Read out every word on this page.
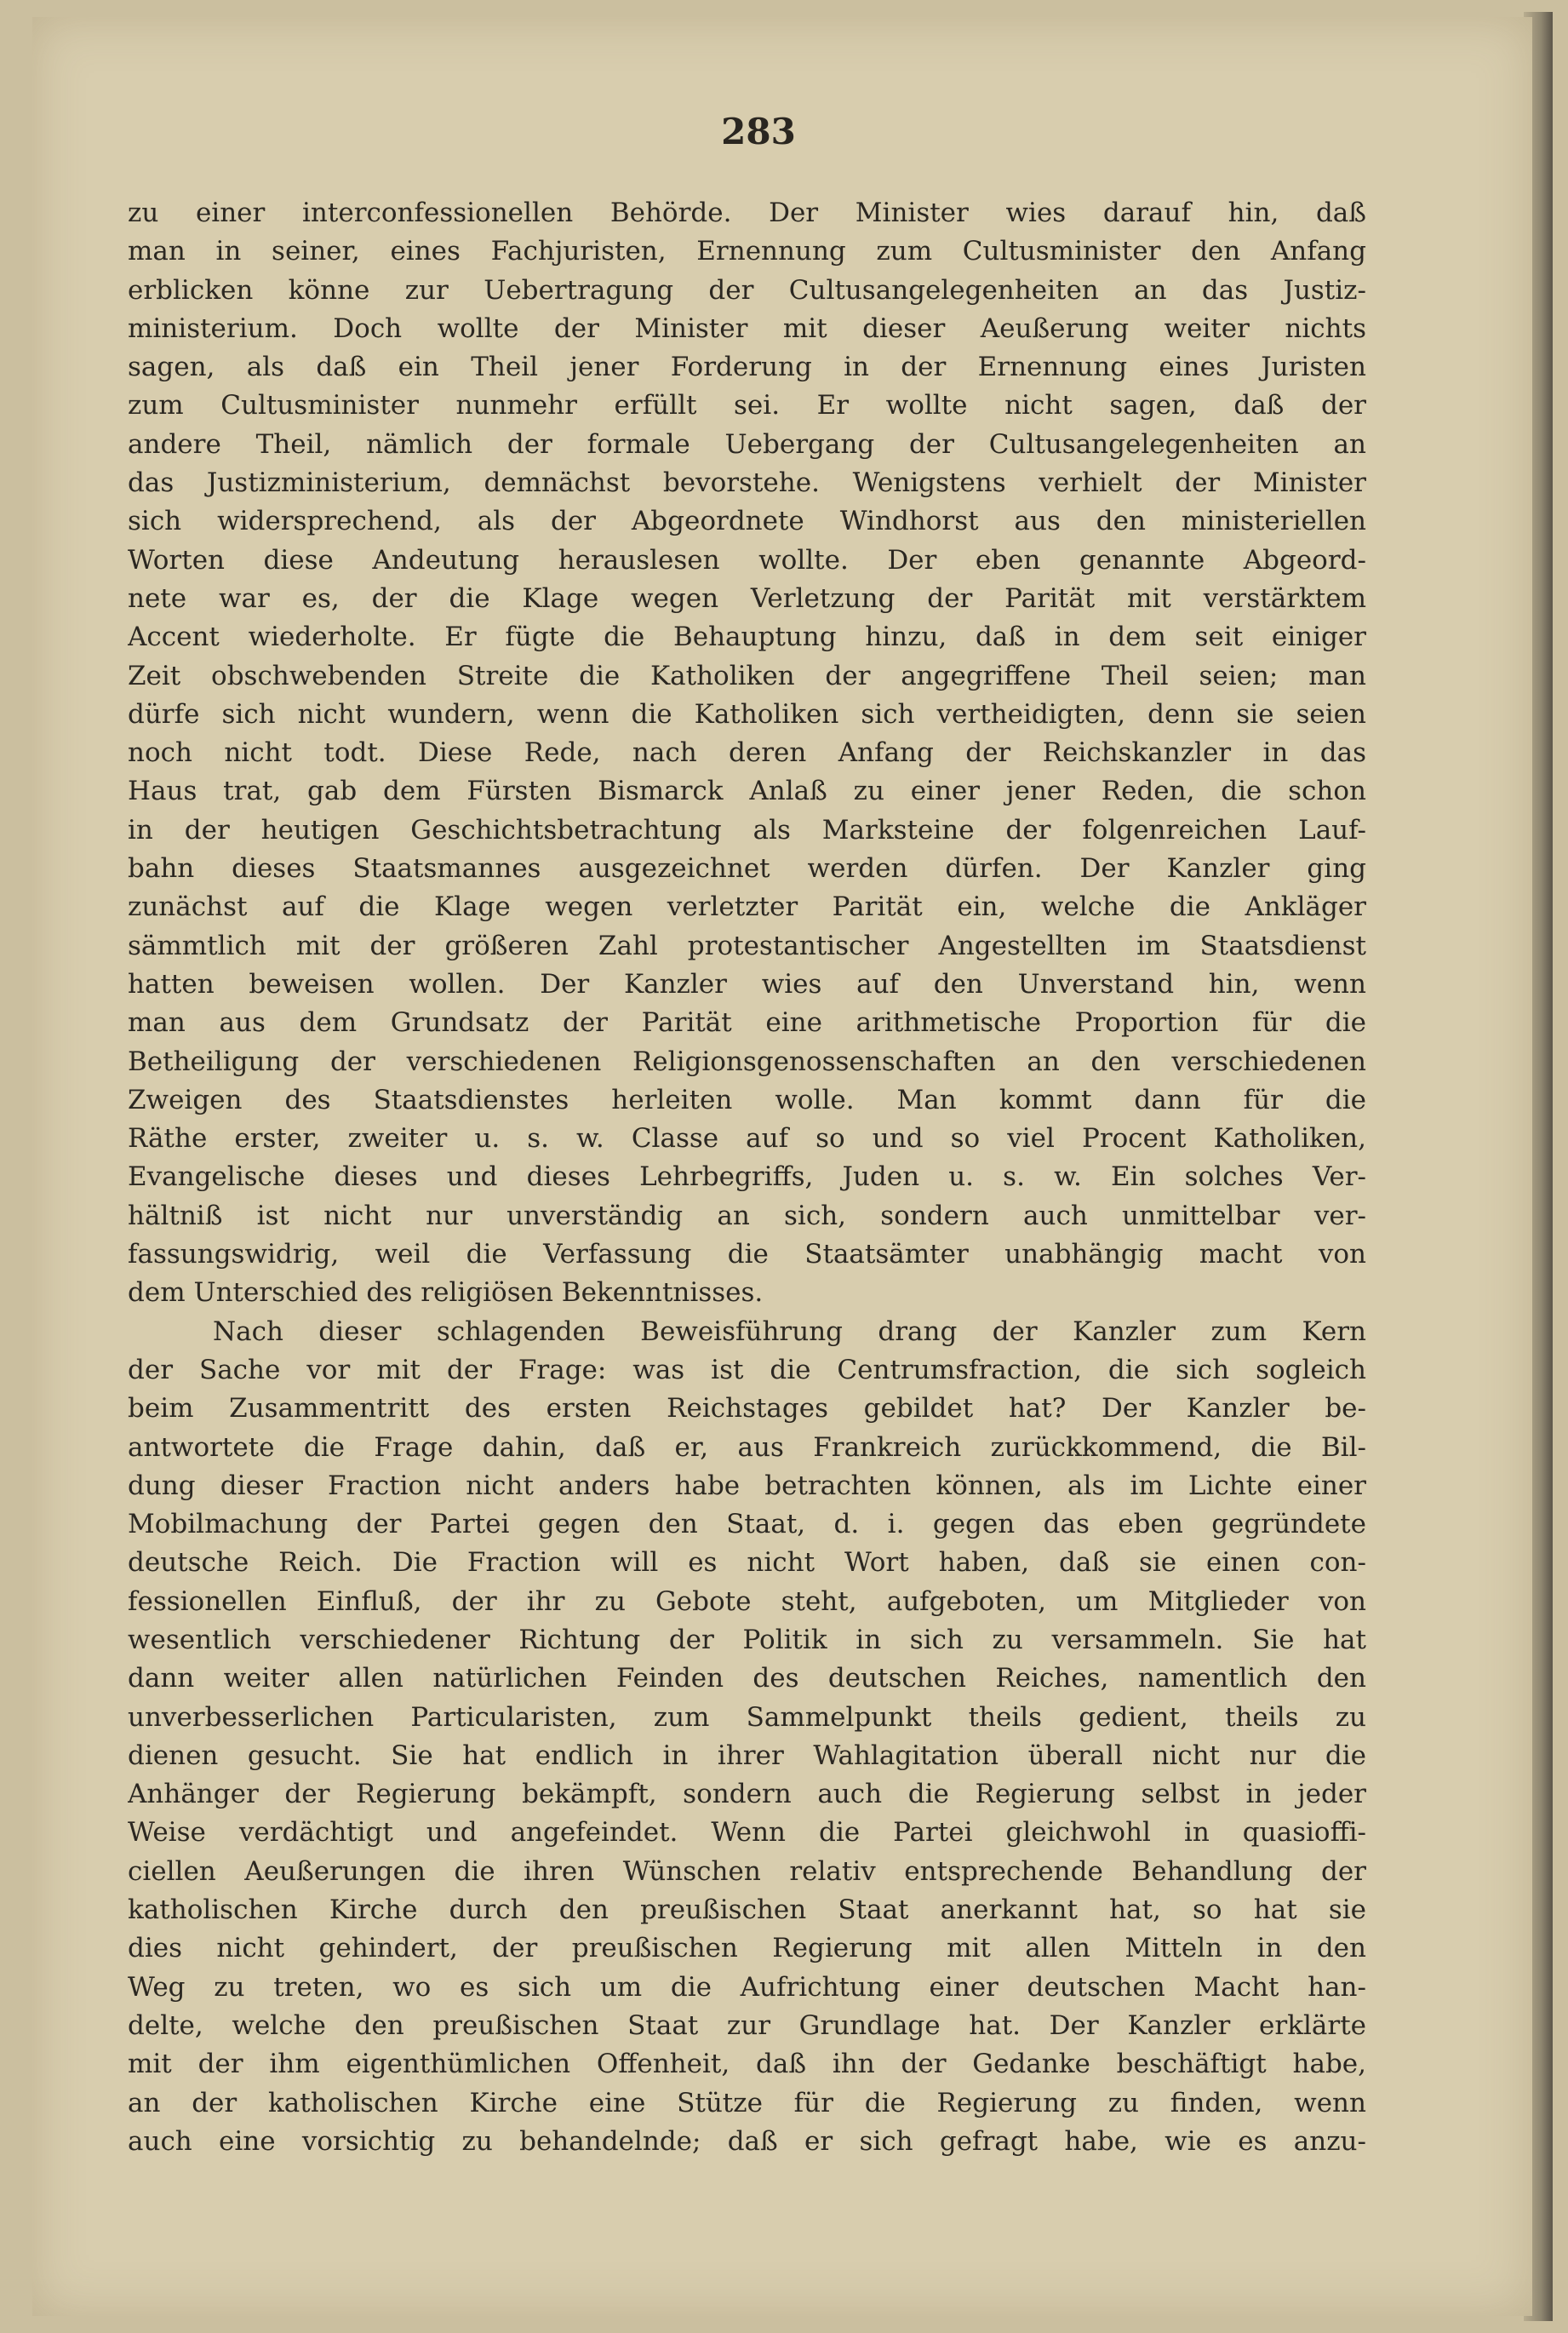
283
zu einer interconfessionellen Behörde. Der Minister wies darauf hin, daß
man in seiner, eines Fachjuristen, Ernennung zum Cultusminister den Anfang
erblicken könne zur Uebertragung der Cultusangelegenheiten an das Justiz-
ministerium. Doch wollte der Minister mit dieser Aeußerung weiter nichts
sagen, als daß ein Theil jener Forderung in der Ernennung eines Juristen
zum Cultusminister nunmehr erfüllt sei. Er wollte nicht sagen, daß der
andere Theil, nämlich der formale Uebergang der Cultusangelegenheiten an
das Justizministerium, demnächst bevorstehe. Wenigstens verhielt der Minister
sich widersprechend, als der Abgeordnete Windhorst aus den ministeriellen
Worten diese Andeutung herauslesen wollte. Der eben genannte Abgeord-
nete war es, der die Klage wegen Verletzung der Parität mit verstärktem
Accent wiederholte. Er fügte die Behauptung hinzu, daß in dem seit einiger
Zeit obschwebenden Streite die Katholiken der angegriffene Theil seien; man
dürfe sich nicht wundern, wenn die Katholiken sich vertheidigten, denn sie seien
noch nicht todt. Diese Rede, nach deren Anfang der Reichskanzler in das
Haus trat, gab dem Fürsten Bismarck Anlaß zu einer jener Reden, die schon
in der heutigen Geschichtsbetrachtung als Marksteine der folgenreichen Lauf-
bahn dieses Staatsmannes ausgezeichnet werden dürfen. Der Kanzler ging
zunächst auf die Klage wegen verletzter Parität ein, welche die Ankläger
sämmtlich mit der größeren Zahl protestantischer Angestellten im Staatsdienst
hatten beweisen wollen. Der Kanzler wies auf den Unverstand hin, wenn
man aus dem Grundsatz der Parität eine arithmetische Proportion für die
Betheiligung der verschiedenen Religionsgenossenschaften an den verschiedenen
Zweigen des Staatsdienstes herleiten wolle. Man kommt dann für die
Räthe erster, zweiter u. s. w. Classe auf so und so viel Procent Katholiken,
Evangelische dieses und dieses Lehrbegriffs, Juden u. s. w. Ein solches Ver-
hältniß ist nicht nur unverständig an sich, sondern auch unmittelbar ver-
fassungswidrig, weil die Verfassung die Staatsämter unabhängig macht von
dem Unterschied des religiösen Bekenntnisses.
Nach dieser schlagenden Beweisführung drang der Kanzler zum Kern
der Sache vor mit der Frage: was ist die Centrumsfraction, die sich sogleich
beim Zusammentritt des ersten Reichstages gebildet hat? Der Kanzler be-
antwortete die Frage dahin, daß er, aus Frankreich zurückkommend, die Bil-
dung dieser Fraction nicht anders habe betrachten können, als im Lichte einer
Mobilmachung der Partei gegen den Staat, d. i. gegen das eben gegründete
deutsche Reich. Die Fraction will es nicht Wort haben, daß sie einen con-
fessionellen Einfluß, der ihr zu Gebote steht, aufgeboten, um Mitglieder von
wesentlich verschiedener Richtung der Politik in sich zu versammeln. Sie hat
dann weiter allen natürlichen Feinden des deutschen Reiches, namentlich den
unverbesserlichen Particularisten, zum Sammelpunkt theils gedient, theils zu
dienen gesucht. Sie hat endlich in ihrer Wahlagitation überall nicht nur die
Anhänger der Regierung bekämpft, sondern auch die Regierung selbst in jeder
Weise verdächtigt und angefeindet. Wenn die Partei gleichwohl in quasioffi-
ciellen Aeußerungen die ihren Wünschen relativ entsprechende Behandlung der
katholischen Kirche durch den preußischen Staat anerkannt hat, so hat sie
dies nicht gehindert, der preußischen Regierung mit allen Mitteln in den
Weg zu treten, wo es sich um die Aufrichtung einer deutschen Macht han-
delte, welche den preußischen Staat zur Grundlage hat. Der Kanzler erklärte
mit der ihm eigenthümlichen Offenheit, daß ihn der Gedanke beschäftigt habe,
an der katholischen Kirche eine Stütze für die Regierung zu finden, wenn
auch eine vorsichtig zu behandelnde; daß er sich gefragt habe, wie es anzu-
